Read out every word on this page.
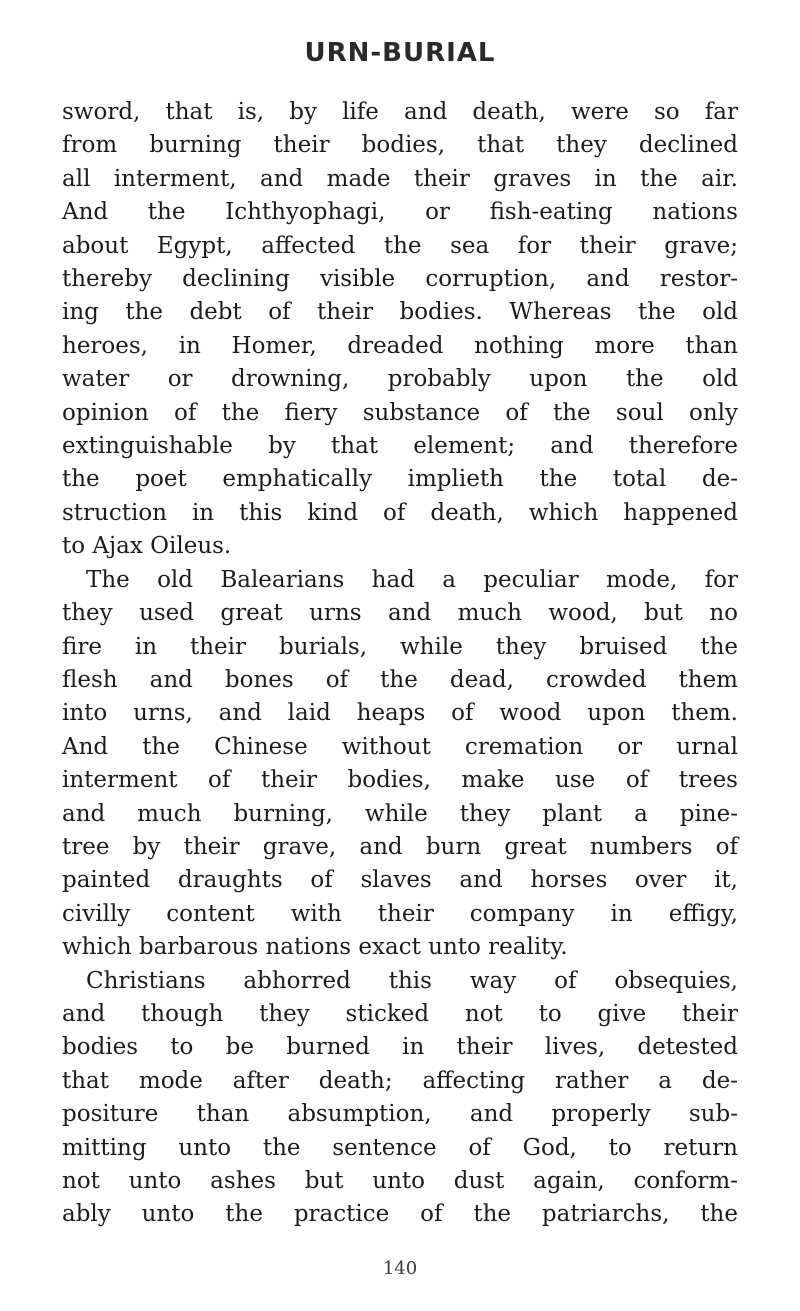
URN-BURIAL
sword, that is, by life and death, were so far
from burning their bodies, that they declined
all interment, and made their graves in the air.
And the Ichthyophagi, or fish-eating nations
about Egypt, affected the sea for their grave;
thereby declining visible corruption, and restor-
ing the debt of their bodies. Whereas the old
heroes, in Homer, dreaded nothing more than
water or drowning, probably upon the old
opinion of the fiery substance of the soul only
extinguishable by that element; and therefore
the poet emphatically implieth the total de-
struction in this kind of death, which happened
to Ajax Oileus.
The old Balearians had a peculiar mode, for
they used great urns and much wood, but no
fire in their burials, while they bruised the
flesh and bones of the dead, crowded them
into urns, and laid heaps of wood upon them.
And the Chinese without cremation or urnal
interment of their bodies, make use of trees
and much burning, while they plant a pine-
tree by their grave, and burn great numbers of
painted draughts of slaves and horses over it,
civilly content with their company in effigy,
which barbarous nations exact unto reality.
Christians abhorred this way of obsequies,
and though they sticked not to give their
bodies to be burned in their lives, detested
that mode after death; affecting rather a de-
positure than absumption, and properly sub-
mitting unto the sentence of God, to return
not unto ashes but unto dust again, conform-
ably unto the practice of the patriarchs, the
140
